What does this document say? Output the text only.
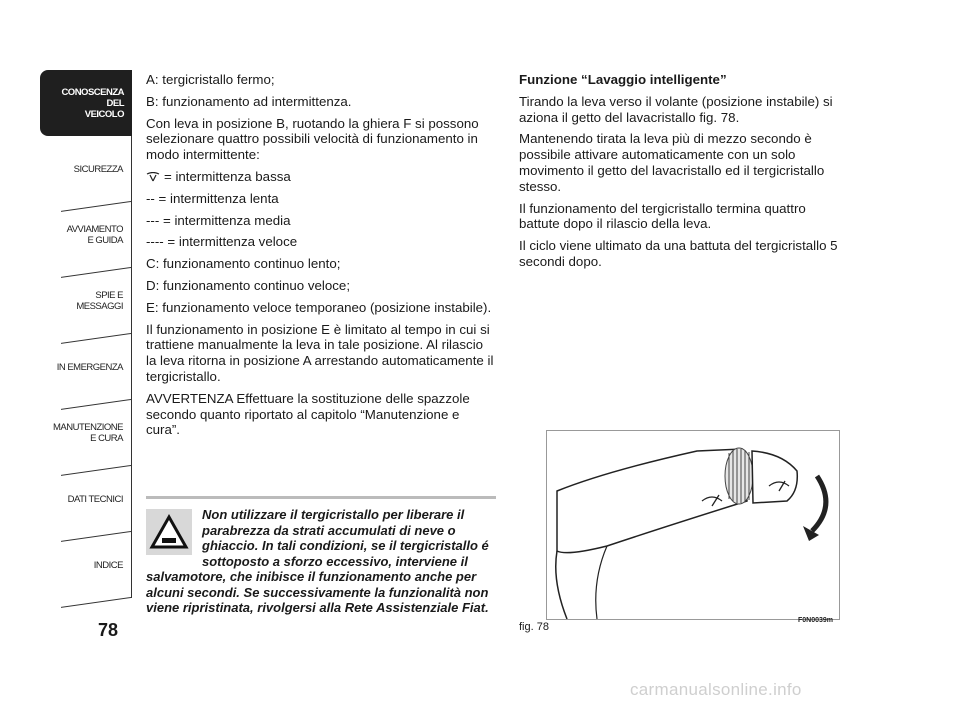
CONOSCENZA
DEL
VEICOLO
SICUREZZA
AVVIAMENTO
E GUIDA
SPIE E
MESSAGGI
IN EMERGENZA
MANUTENZIONE
E CURA
DATI TECNICI
INDICE
78

A: tergicristallo fermo;

B: funzionamento ad intermittenza.

Con leva in posizione B, ruotando la ghiera F si possono selezionare quattro possibili velocità di funzionamento in modo intermittente:

= intermittenza bassa

-- = intermittenza lenta

--- = intermittenza media

---- = intermittenza veloce

C: funzionamento continuo lento;

D: funzionamento continuo veloce;

E: funzionamento veloce temporaneo (posizione instabile).

Il funzionamento in posizione E è limitato al tempo in cui si trattiene manualmente la leva in tale posizione. Al rilascio la leva ritorna in posizione A arrestando automaticamente il tergicristallo.

AVVERTENZA Effettuare la sostituzione delle spazzole secondo quanto riportato al capitolo “Manutenzione e cura”.

Non utilizzare il tergicristallo per liberare il parabrezza da strati accumulati di neve o ghiaccio. In tali condizioni, se il tergicristallo é sottoposto a sforzo eccessivo, interviene il salvamotore, che inibisce il funzionamento anche per alcuni secondi. Se successivamente la funzionalità non viene ripristinata, rivolgersi alla Rete Assistenziale Fiat.

Funzione “Lavaggio intelligente”

Tirando la leva verso il volante (posizione instabile) si aziona il getto del lavacristallo fig. 78.

Mantenendo tirata la leva più di mezzo secondo è possibile attivare automaticamente con un solo movimento il getto del lavacristallo ed il tergicristallo stesso.

Il funzionamento del tergicristallo termina quattro battute dopo il rilascio della leva.

Il ciclo viene ultimato da una battuta del tergicristallo 5 secondi dopo.

fig. 78
F0N0039m
carmanualsonline.info
